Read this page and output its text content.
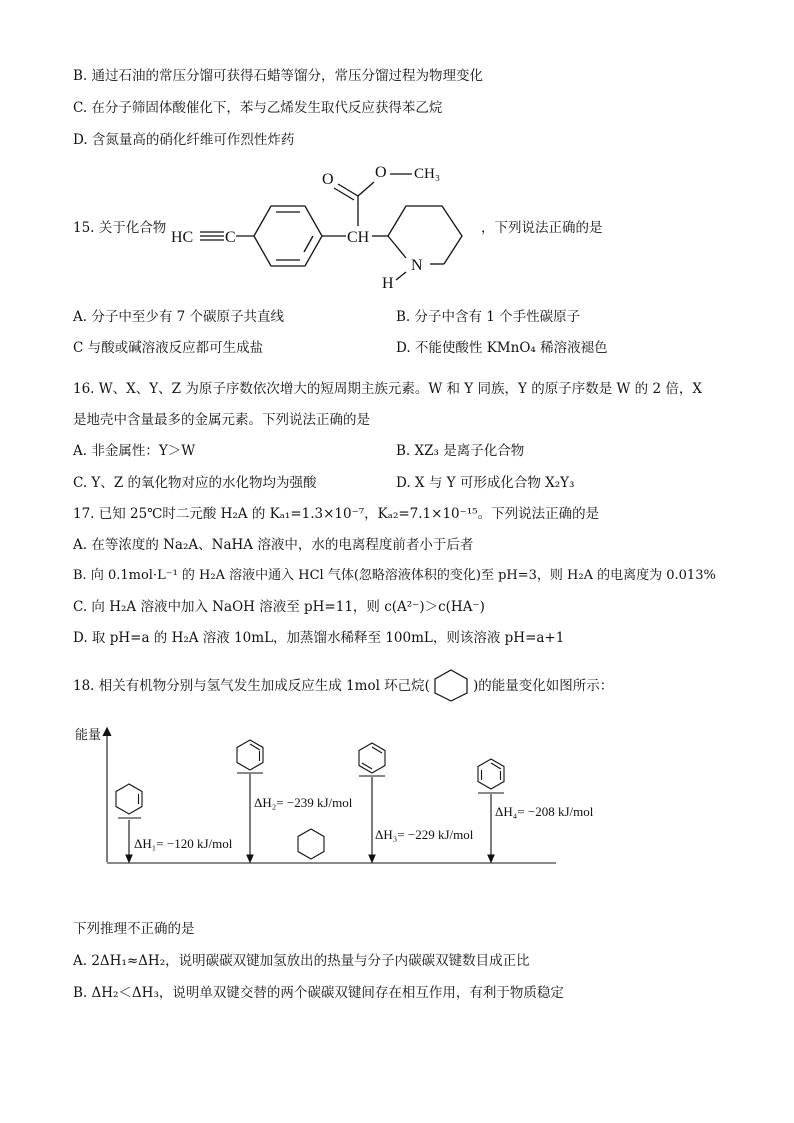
B. 通过石油的常压分馏可获得石蜡等馏分，常压分馏过程为物理变化
C. 在分子筛固体酸催化下，苯与乙烯发生取代反应获得苯乙烷
D. 含氮量高的硝化纤维可作烈性炸药
15. 关于化合物
O	O CH₃
HC C	CH
N
H
，下列说法正确的是
A. 分子中至少有 7 个碳原子共直线	B. 分子中含有 1 个手性碳原子
C 与酸或碱溶液反应都可生成盐	D. 不能使酸性 KMnO₄ 稀溶液褪色
16. W、X、Y、Z 为原子序数依次增大的短周期主族元素。W 和 Y 同族，Y 的原子序数是 W 的 2 倍，X
是地壳中含量最多的金属元素。下列说法正确的是
A. 非金属性：Y＞W	B. XZ₃ 是离子化合物
C. Y、Z 的氧化物对应的水化物均为强酸	D. X 与 Y 可形成化合物 X₂Y₃
17. 已知 25℃时二元酸 H₂A 的 Kₐ₁=1.3×10⁻⁷，Kₐ₂=7.1×10⁻¹⁵。下列说法正确的是
A. 在等浓度的 Na₂A、NaHA 溶液中，水的电离程度前者小于后者
B. 向 0.1mol·L⁻¹ 的 H₂A 溶液中通入 HCl 气体(忽略溶液体积的变化)至 pH=3，则 H₂A 的电离度为 0.013%
C. 向 H₂A 溶液中加入 NaOH 溶液至 pH=11，则 c(A²⁻)＞c(HA⁻)
D. 取 pH=a 的 H₂A 溶液 10mL，加蒸馏水稀释至 100mL，则该溶液 pH=a+1
18. 相关有机物分别与氢气发生加成反应生成 1mol 环己烷(	)的能量变化如图所示：
能量
ΔH₁= −120 kJ/mol
ΔH₂= −239 kJ/mol
ΔH₃= −229 kJ/mol
ΔH₄= −208 kJ/mol
下列推理不正确的是
A. 2ΔH₁≈ΔH₂，说明碳碳双键加氢放出的热量与分子内碳碳双键数目成正比
B. ΔH₂＜ΔH₃，说明单双键交替的两个碳碳双键间存在相互作用，有利于物质稳定
